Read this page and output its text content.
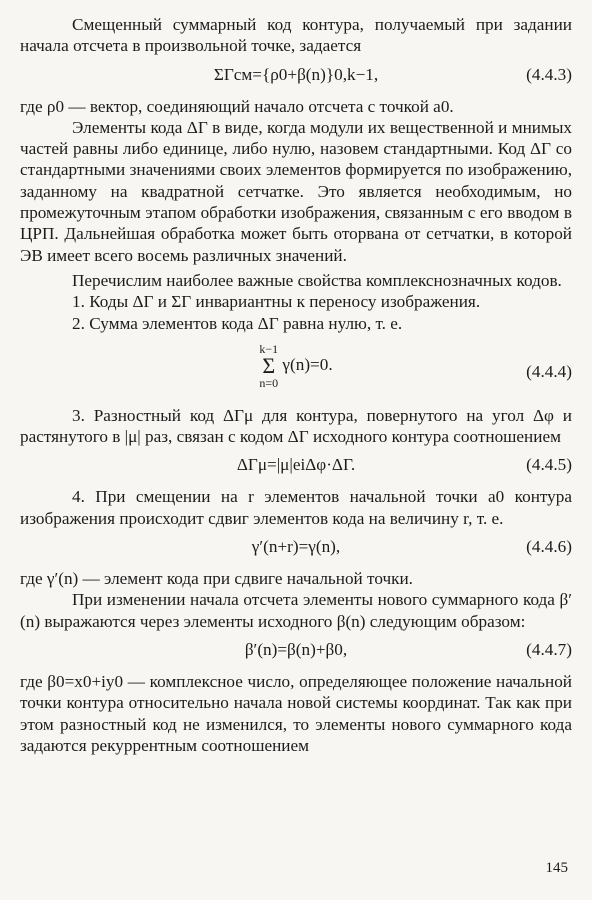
Смещенный суммарный код контура, получаемый при задании начала отсчета в произвольной точке, задается

ΣΓсм={ρ0+β(n)}0,k−1,	(4.4.3)

где ρ0 — вектор, соединяющий начало отсчета с точкой a0.

Элементы кода ΔΓ в виде, когда модули их вещественной и мнимых частей равны либо единице, либо нулю, назовем стандартными. Код ΔΓ со стандартными значениями своих элементов формируется по изображению, заданному на квадратной сетчатке. Это является необходимым, но промежуточным этапом обработки изображения, связанным с его вводом в ЦРП. Дальнейшая обработка может быть оторвана от сетчатки, в которой ЭВ имеет всего восемь различных значений.

Перечислим наиболее важные свойства комплекснозначных кодов.

1. Коды ΔΓ и ΣΓ инвариантны к переносу изображения.

2. Сумма элементов кода ΔΓ равна нулю, т. е.

k−1
Σ
n=0 γ(n)=0.	(4.4.4)

3. Разностный код ΔΓμ для контура, повернутого на угол Δφ и растянутого в |μ| раз, связан с кодом ΔΓ исходного контура соотношением

ΔΓμ=|μ|eiΔφ·ΔΓ.	(4.4.5)

4. При смещении на r элементов начальной точки a0 контура изображения происходит сдвиг элементов кода на величину r, т. е.

γ′(n+r)=γ(n),	(4.4.6)

где γ′(n) — элемент кода при сдвиге начальной точки.

При изменении начала отсчета элементы нового суммарного кода β′(n) выражаются через элементы исходного β(n) следующим образом:

β′(n)=β(n)+β0,	(4.4.7)

где β0=x0+iy0 — комплексное число, определяющее положение начальной точки контура относительно начала новой системы координат. Так как при этом разностный код не изменился, то элементы нового суммарного кода задаются рекуррентным соотношением

145
